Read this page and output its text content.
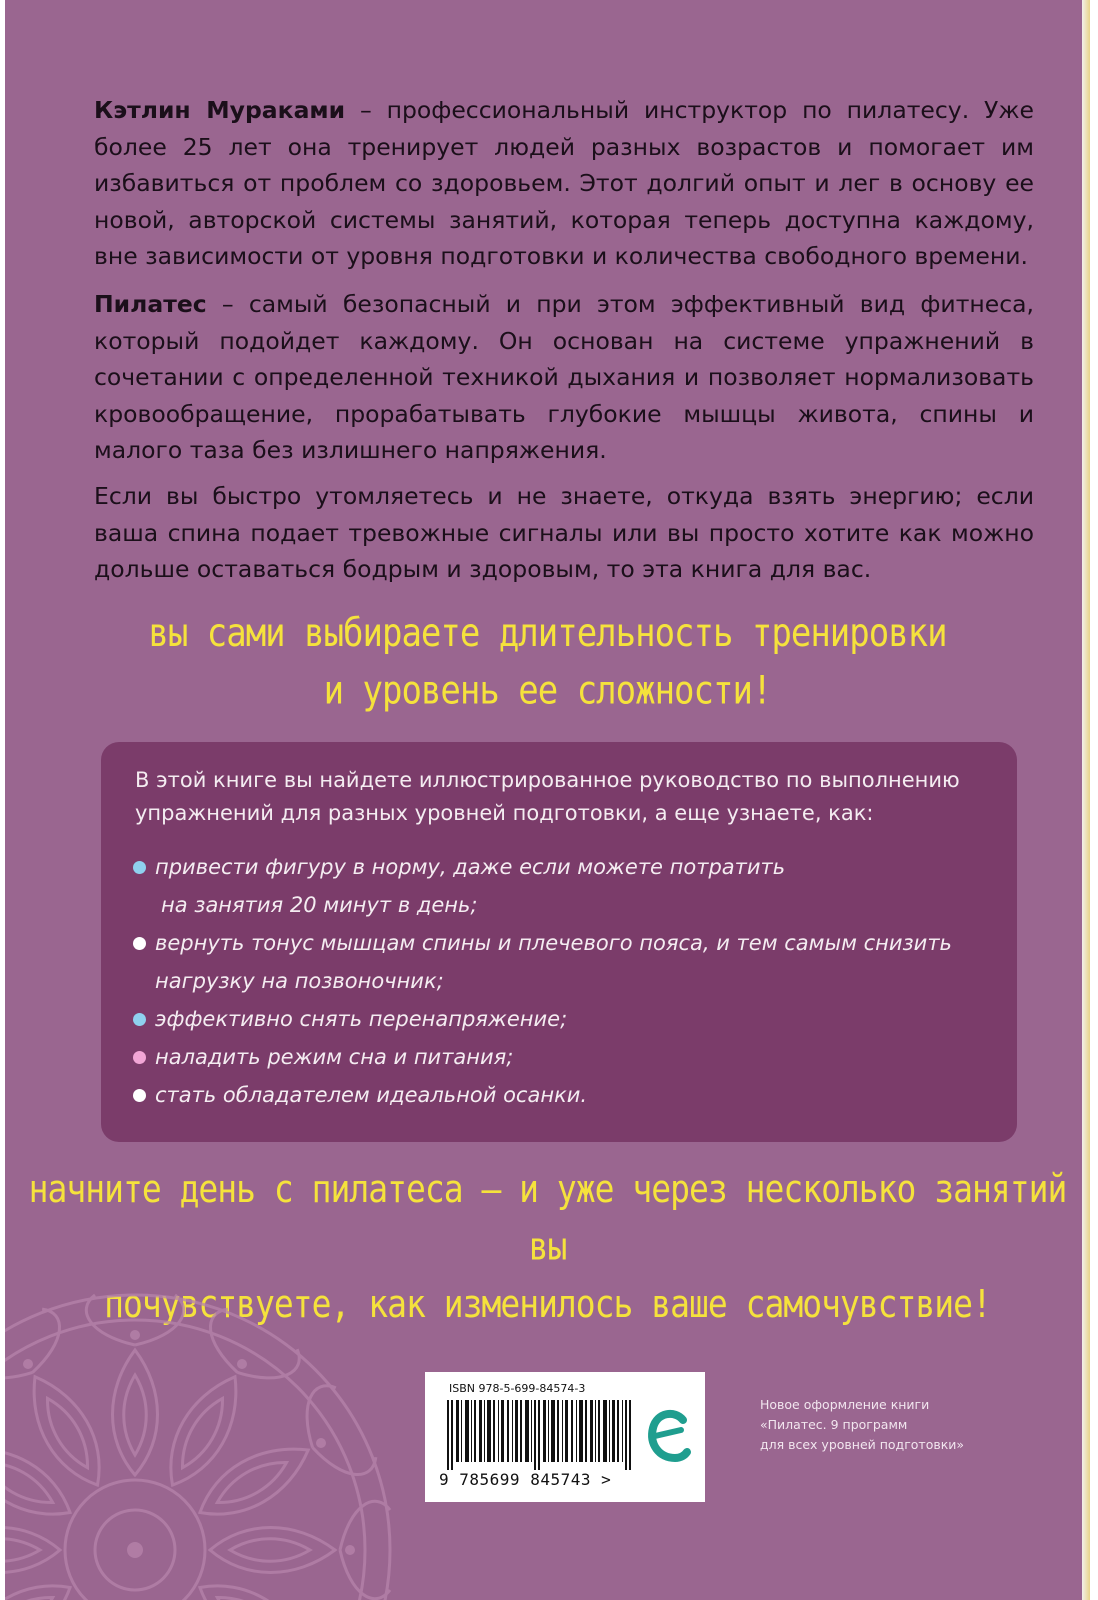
Кэтлин Мураками – профессиональный инструктор по пилатесу. Уже более 25 лет она тренирует людей разных возрастов и помогает им избавиться от проблем со здоровьем. Этот долгий опыт и лег в основу ее новой, авторской системы занятий, которая теперь доступна каждому, вне зависимости от уровня подготовки и количества свободного времени.

Пилатес – самый безопасный и при этом эффективный вид фитнеса, который подойдет каждому. Он основан на системе упражнений в сочетании с определенной техникой дыхания и позволяет нормализовать кровообращение, прорабатывать глубокие мышцы живота, спины и малого таза без излишнего напряжения.

Если вы быстро утомляетесь и не знаете, откуда взять энергию; если ваша спина подает тревожные сигналы или вы просто хотите как можно дольше оставаться бодрым и здоровым, то эта книга для вас.

вы сами выбираете длительность тренировки
и уровень ее сложности!

В этой книге вы найдете иллюстрированное руководство по выполнению упражнений для разных уровней подготовки, а еще узнаете, как:

привести фигуру в норму, даже если можете потратить
на занятия 20 минут в день;
вернуть тонус мышцам спины и плечевого пояса, и тем самым снизить
нагрузку на позвоночник;
эффективно снять перенапряжение;
наладить режим сна и питания;
стать обладателем идеальной осанки.
начните день с пилатеса – и уже через несколько занятий вы
почувствуете, как изменилось ваше самочувствие!
ISBN 978-5-699-84574-3
9 785699 845743 >
Новое оформление книги
«Пилатес. 9 программ
для всех уровней подготовки»
